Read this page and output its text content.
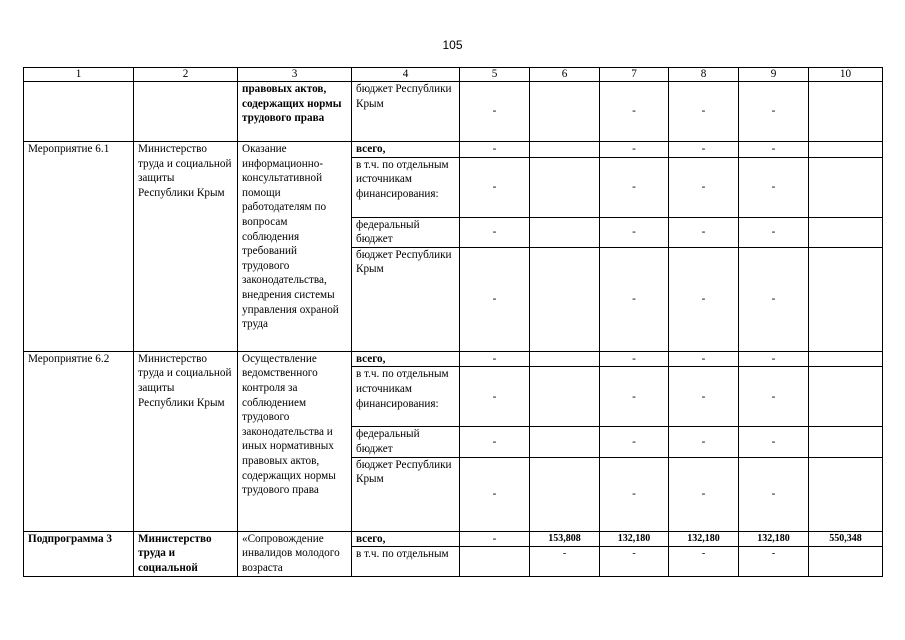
105
1	2	3	4	5	6	7	8	9	10
		правовых актов, содержащих нормы трудового права	бюджет Республики Крым	-		-	-	-	
Мероприятие 6.1	Министерство труда и социальной защиты Республики Крым	Оказание информационно-консультативной помощи работодателям по вопросам соблюдения требований трудового законодательства, внедрения системы управления охраной труда	всего,	-		-	-	-	
			в т.ч. по отдельным источникам финансирования:	-		-	-	-	
			федеральный бюджет	-		-	-	-	
			бюджет Республики Крым	-		-	-	-	
Мероприятие 6.2	Министерство труда и социальной защиты Республики Крым	Осуществление ведомственного контроля за соблюдением трудового законодательства и иных нормативных правовых актов, содержащих нормы трудового права	всего,	-		-	-	-	
			в т.ч. по отдельным источникам финансирования:	-		-	-	-	
			федеральный бюджет	-		-	-	-	
			бюджет Республики Крым	-		-	-	-	
Подпрограмма 3	Министерство труда и социальной	«Сопровождение инвалидов молодого возраста	всего,	-	153,808	132,180	132,180	132,180	550,348
			в т.ч. по отдельным		-	-	-	-	
